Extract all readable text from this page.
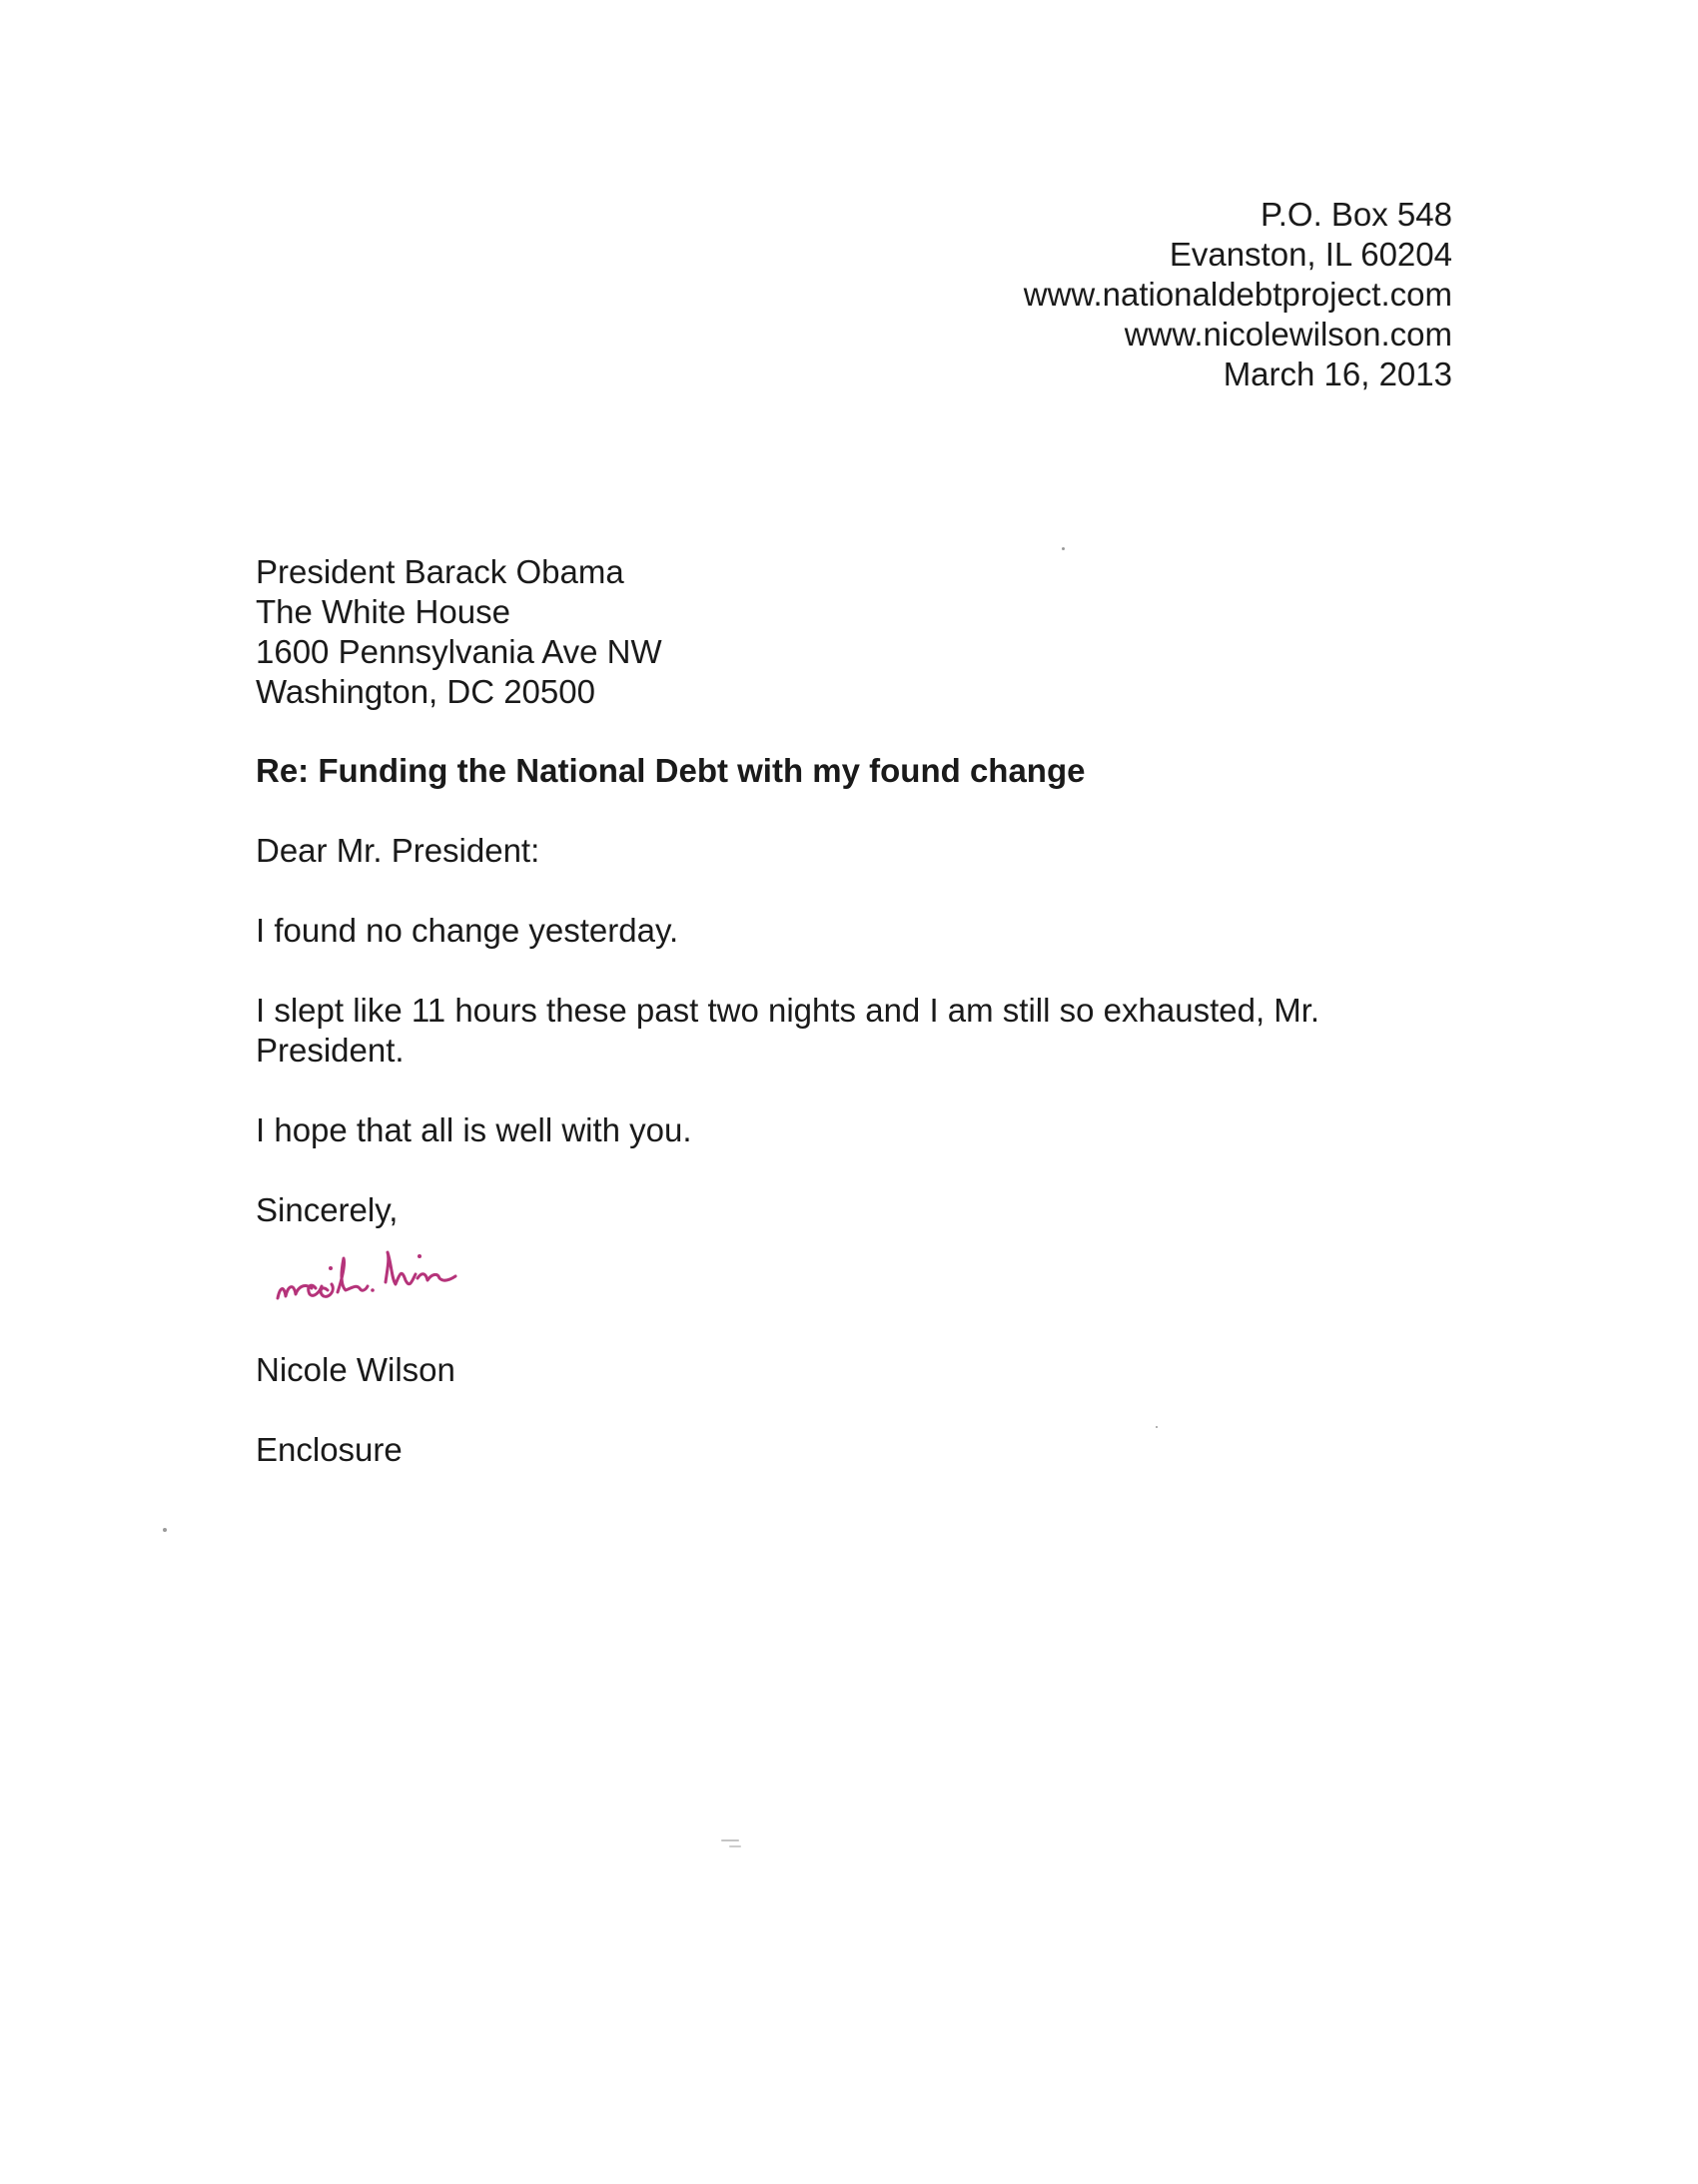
P.O. Box 548
Evanston, IL 60204
www.nationaldebtproject.com
www.nicolewilson.com
March 16, 2013
President Barack Obama
The White House
1600 Pennsylvania Ave NW
Washington, DC 20500

Re: Funding the National Debt with my found change

Dear Mr. President:

I found no change yesterday.

I slept like 11 hours these past two nights and I am still so exhausted, Mr. President.

I hope that all is well with you.

Sincerely,

Nicole Wilson

Enclosure
